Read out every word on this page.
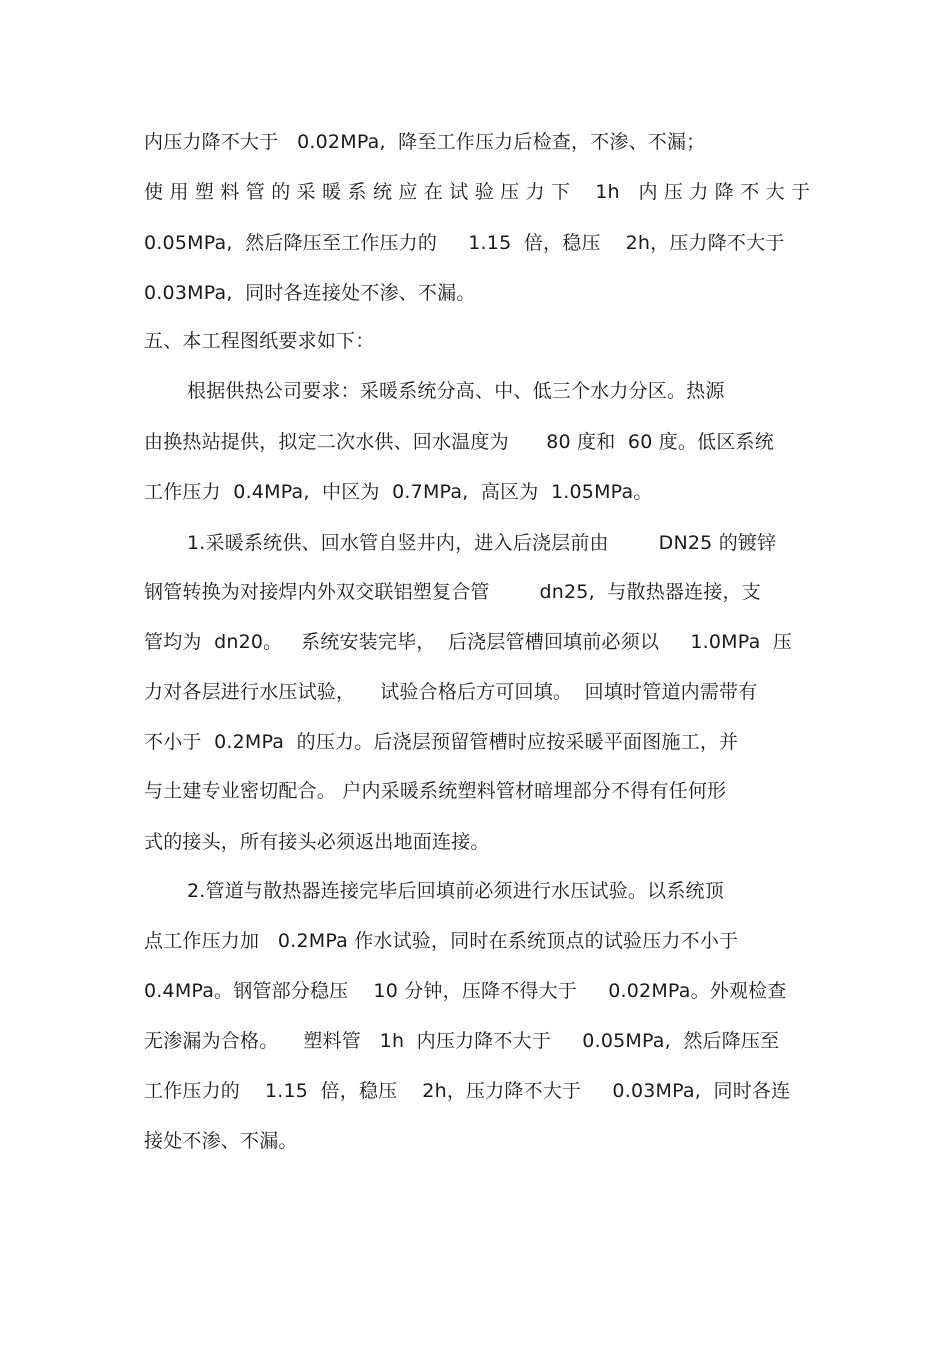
内压力降不大于   0.02MPa,  降至工作压力后检查，不渗、不漏；
使 用 塑 料 管 的 采 暖 系 统 应 在 试 验 压 力 下    1h   内 压 力 降 不 大 于
0.05MPa,  然后降压至工作压力的     1.15  倍，稳压    2h，压力降不大于
0.03MPa,  同时各连接处不渗、不漏。
五、本工程图纸要求如下：
根据供热公司要求：采暖系统分高、中、低三个水力分区。热源
由换热站提供，拟定二次水供、回水温度为      80 度和  60 度。低区系统
工作压力  0.4MPa,  中区为  0.7MPa,  高区为  1.05MPa。
1.采暖系统供、回水管自竖井内，进入后浇层前由        DN25 的镀锌
钢管转换为对接焊内外双交联铝塑复合管        dn25,  与散热器连接，支
管均为  dn20。   系统安装完毕，  后浇层管槽回填前必须以     1.0MPa  压
力对各层进行水压试验，    试验合格后方可回填。  回填时管道内需带有
不小于  0.2MPa  的压力。后浇层预留管槽时应按采暖平面图施工，并
与土建专业密切配合。 户内采暖系统塑料管材暗埋部分不得有任何形
式的接头，所有接头必须返出地面连接。
2.管道与散热器连接完毕后回填前必须进行水压试验。以系统顶
点工作压力加   0.2MPa 作水试验，同时在系统顶点的试验压力不小于
0.4MPa。钢管部分稳压    10 分钟，压降不得大于     0.02MPa。外观检查
无渗漏为合格。    塑料管   1h  内压力降不大于     0.05MPa,  然后降压至
工作压力的    1.15  倍，稳压    2h，压力降不大于     0.03MPa,  同时各连
接处不渗、不漏。
